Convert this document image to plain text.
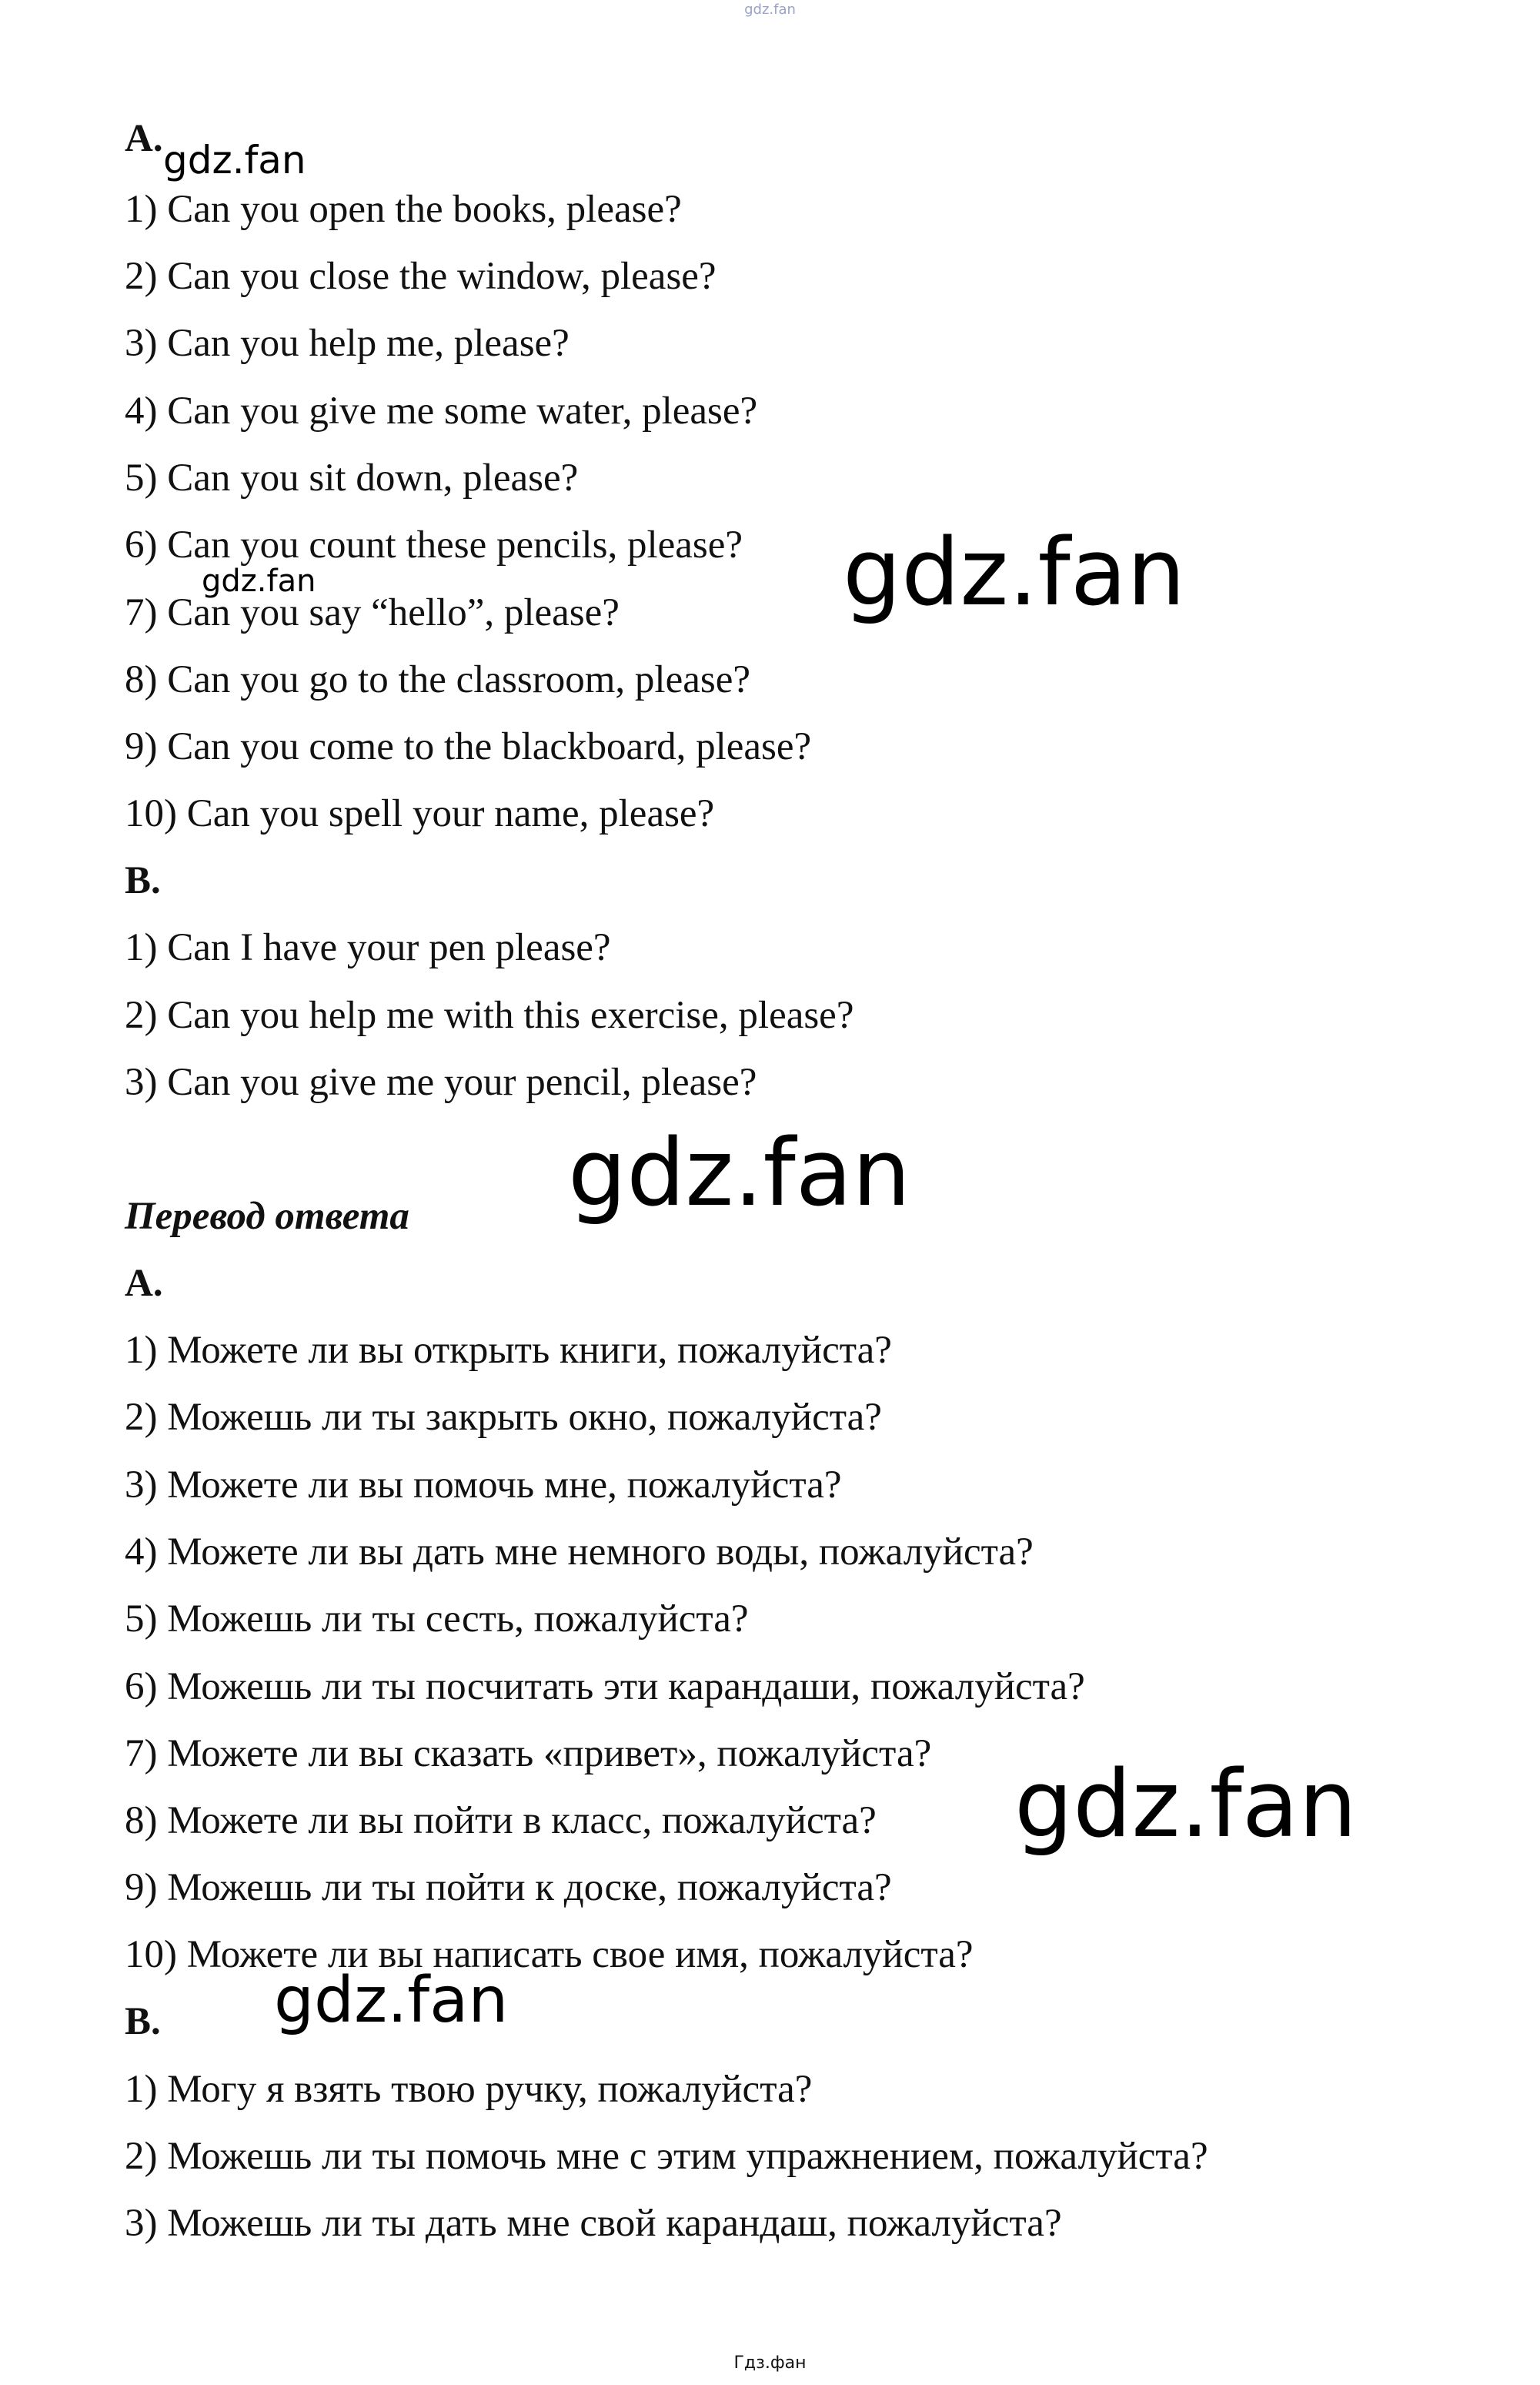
gdz.fan
A.
1) Can you open the books, please?
2) Can you close the window, please?
3) Can you help me, please?
4) Can you give me some water, please?
5) Can you sit down, please?
6) Can you count these pencils, please?
7) Can you say “hello”, please?
8) Can you go to the classroom, please?
9) Can you come to the blackboard, please?
10) Can you spell your name, please?
B.
1) Can I have your pen please?
2) Can you help me with this exercise, please?
3) Can you give me your pencil, please?
Перевод ответа
A.
1) Можете ли вы открыть книги, пожалуйста?
2) Можешь ли ты закрыть окно, пожалуйста?
3) Можете ли вы помочь мне, пожалуйста?
4) Можете ли вы дать мне немного воды, пожалуйста?
5) Можешь ли ты сесть, пожалуйста?
6) Можешь ли ты посчитать эти карандаши, пожалуйста?
7) Можете ли вы сказать «привет», пожалуйста?
8) Можете ли вы пойти в класс, пожалуйста?
9) Можешь ли ты пойти к доске, пожалуйста?
10) Можете ли вы написать свое имя, пожалуйста?
B.
1) Могу я взять твою ручку, пожалуйста?
2) Можешь ли ты помочь мне с этим упражнением, пожалуйста?
3) Можешь ли ты дать мне свой карандаш, пожалуйста?
gdz.fan
gdz.fan	gdz.fan
gdz.fan
gdz.fan
gdz.fan
Гдз.фан
